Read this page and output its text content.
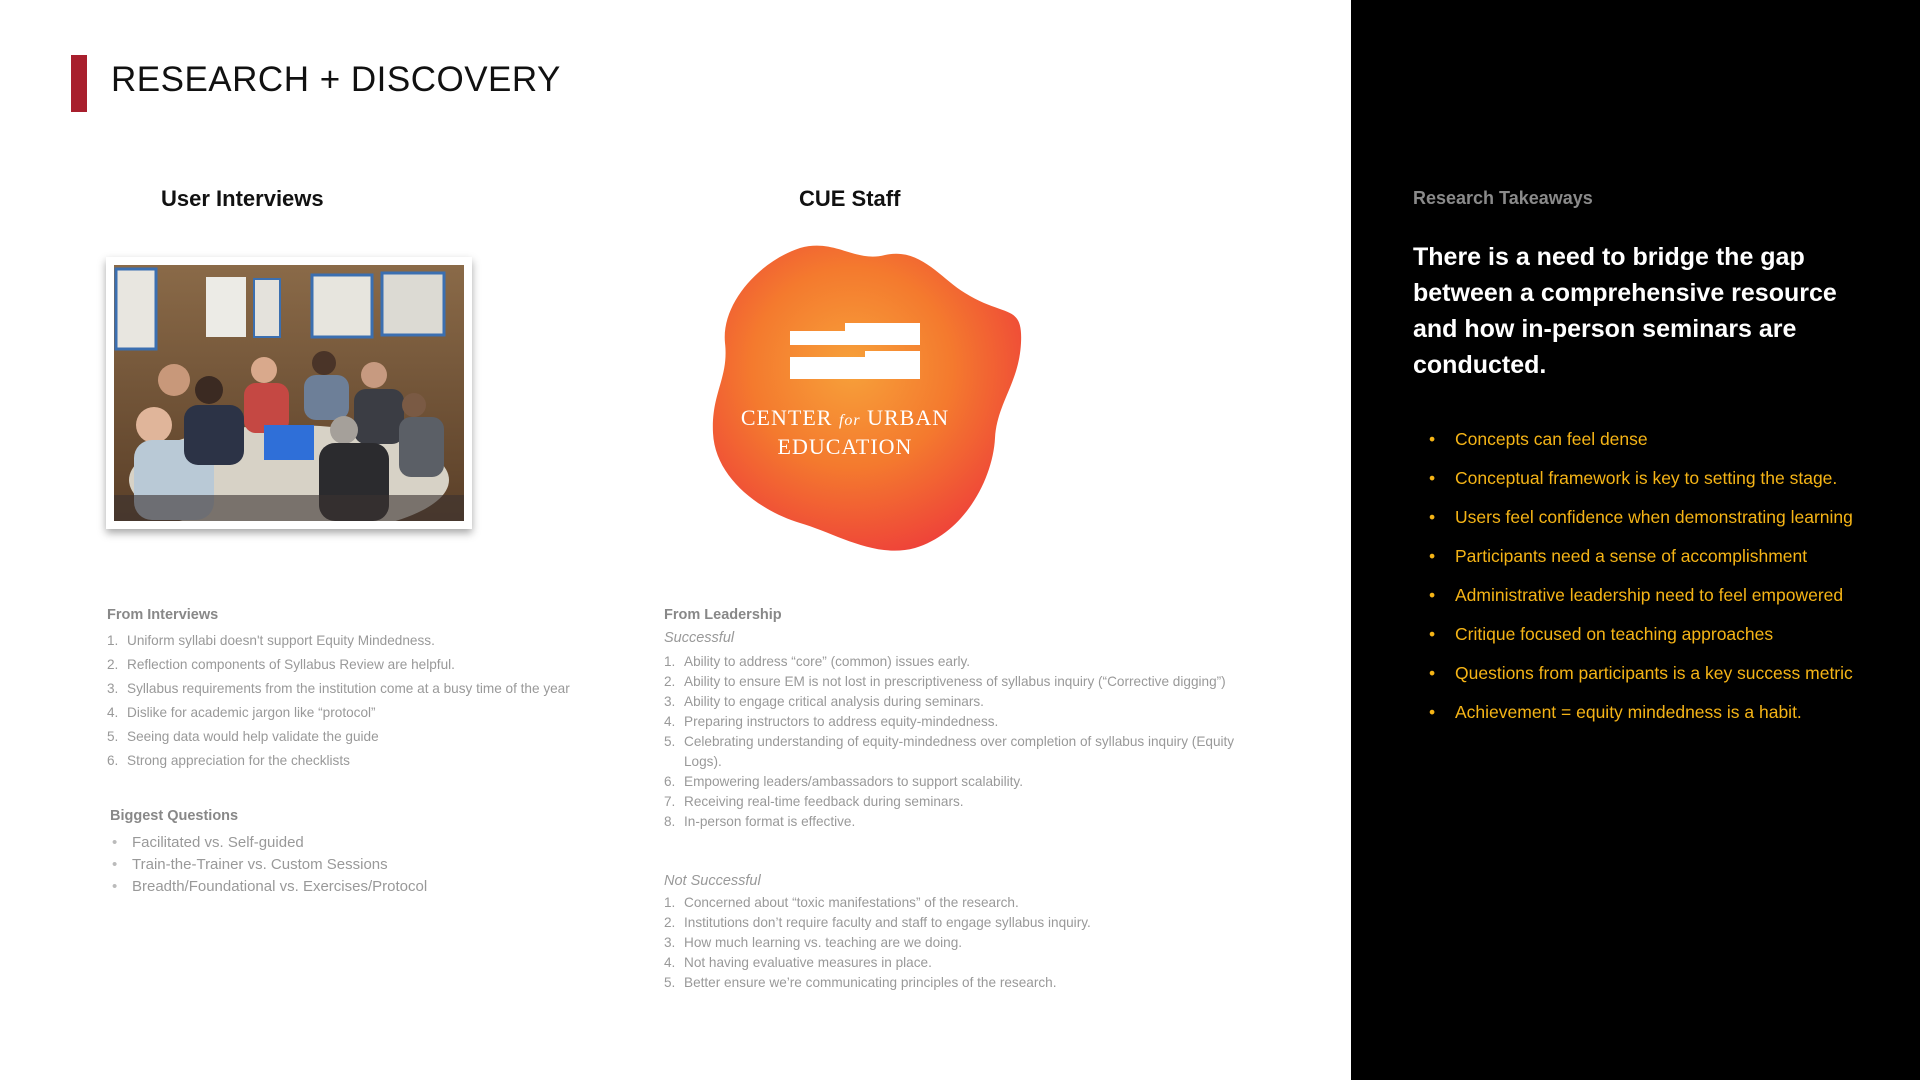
RESEARCH + DISCOVERY
User Interviews
From Interviews
1. Uniform syllabi doesn't support Equity Mindedness.
2. Reflection components of Syllabus Review are helpful.
3. Syllabus requirements from the institution come at a busy time of the year
4. Dislike for academic jargon like “protocol”
5. Seeing data would help validate the guide
6. Strong appreciation for the checklists
Biggest Questions
• Facilitated vs. Self-guided
• Train-the-Trainer vs. Custom Sessions
• Breadth/Foundational vs. Exercises/Protocol
CUE Staff
CENTER for URBAN
EDUCATION
From Leadership
Successful
1. Ability to address “core” (common) issues early.
2. Ability to ensure EM is not lost in prescriptiveness of syllabus inquiry (“Corrective digging”)
3. Ability to engage critical analysis during seminars.
4. Preparing instructors to address equity-mindedness.
5. Celebrating understanding of equity-mindedness over completion of syllabus inquiry (Equity Logs).
6. Empowering leaders/ambassadors to support scalability.
7. Receiving real-time feedback during seminars.
8. In-person format is effective.
Not Successful
1. Concerned about “toxic manifestations” of the research.
2. Institutions don’t require faculty and staff to engage syllabus inquiry.
3. How much learning vs. teaching are we doing.
4. Not having evaluative measures in place.
5. Better ensure we’re communicating principles of the research.
Research Takeaways
There is a need to bridge the gap between a comprehensive resource and how in-person seminars are conducted.
• Concepts can feel dense
• Conceptual framework is key to setting the stage.
• Users feel confidence when demonstrating learning
• Participants need a sense of accomplishment
• Administrative leadership need to feel empowered
• Critique focused on teaching approaches
• Questions from participants is a key success metric
• Achievement = equity mindedness is a habit.
